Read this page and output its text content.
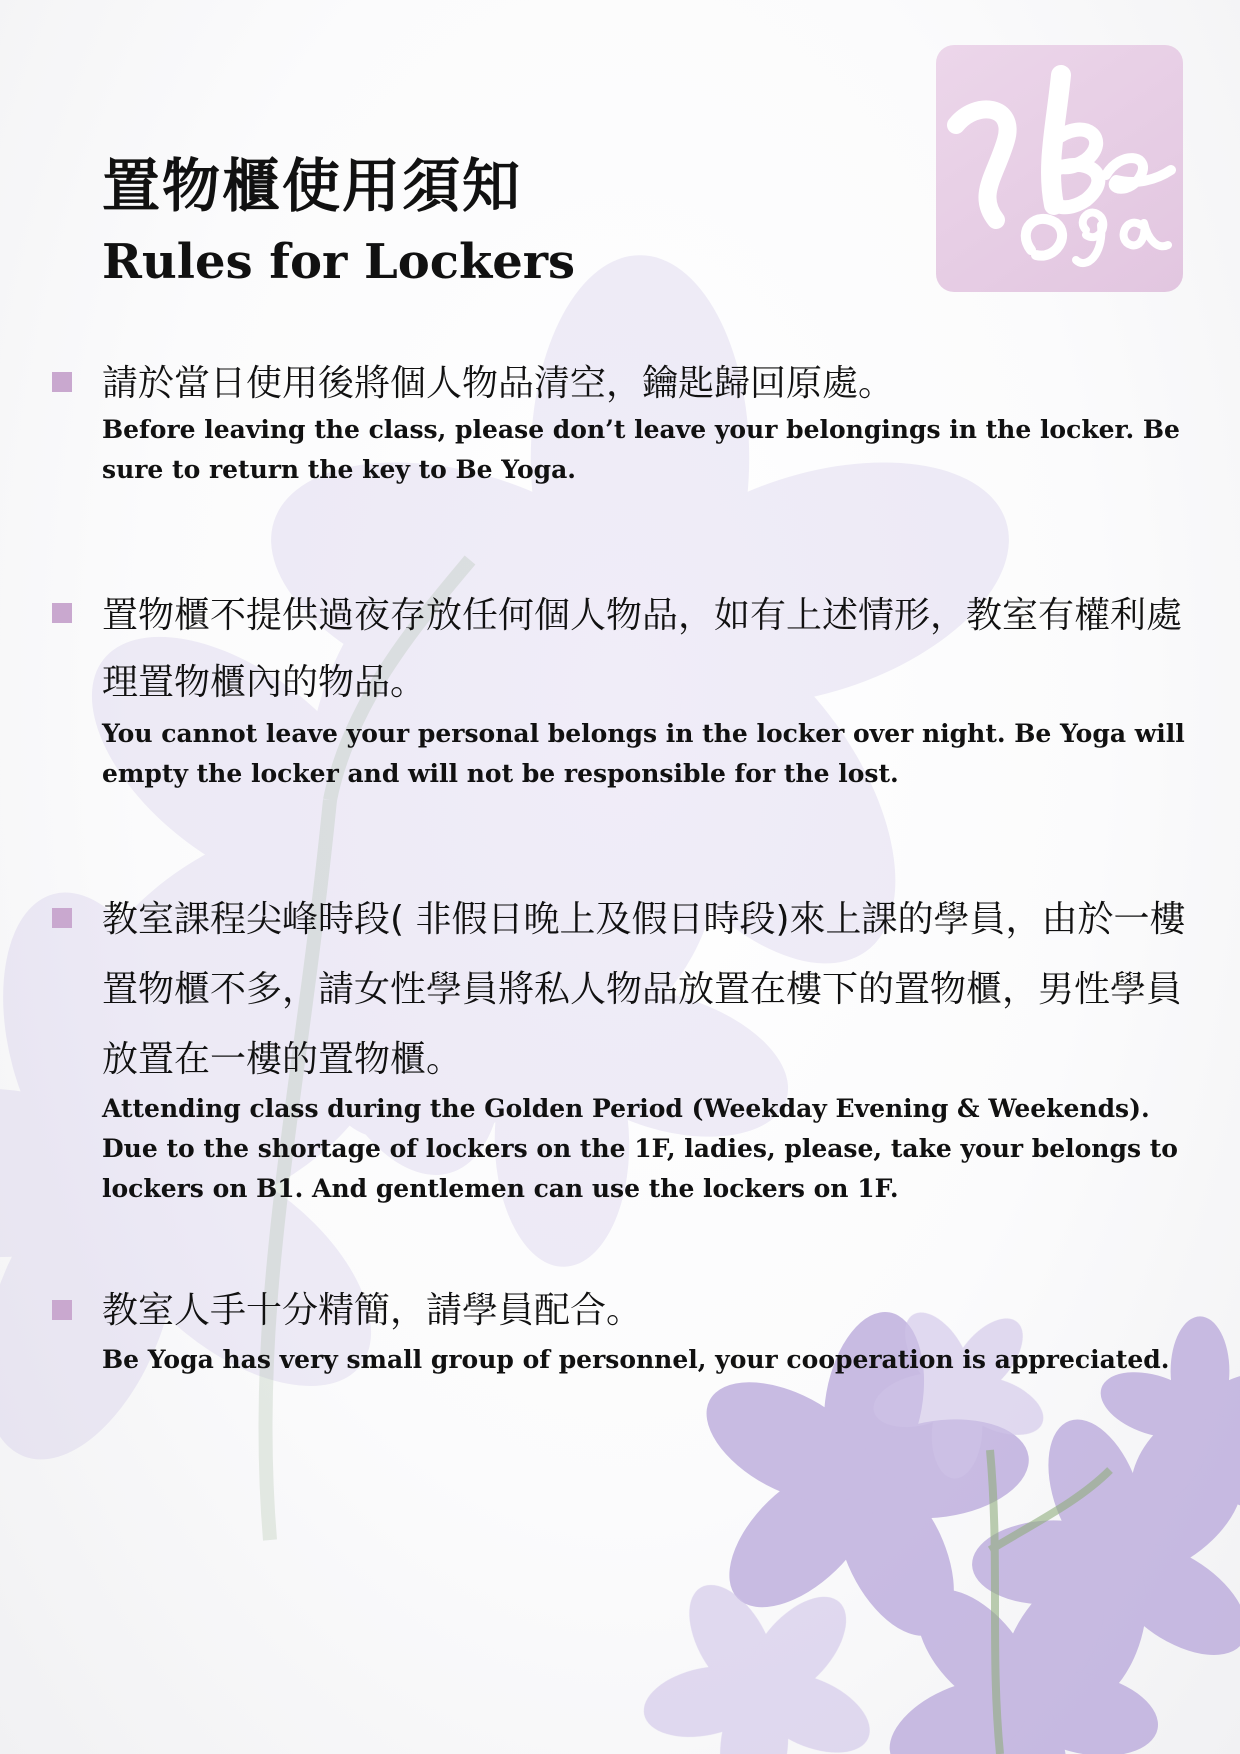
置物櫃使用須知
Rules for Lockers

請於當日使用後將個人物品清空，鑰匙歸回原處。

Before leaving the class, please don’t leave your belongings in the locker. Be sure to return the key to Be Yoga.

置物櫃不提供過夜存放任何個人物品，如有上述情形，教室有權利處理置物櫃內的物品。

You cannot leave your personal belongs in the locker over night. Be Yoga will empty the locker and will not be responsible for the lost.

教室課程尖峰時段( 非假日晚上及假日時段)來上課的學員，由於一樓置物櫃不多，請女性學員將私人物品放置在樓下的置物櫃，男性學員放置在一樓的置物櫃。

Attending class during the Golden Period (Weekday Evening & Weekends). Due to the shortage of lockers on the 1F, ladies, please, take your belongs to lockers on B1. And gentlemen can use the lockers on 1F.

教室人手十分精簡，請學員配合。

Be Yoga has very small group of personnel, your cooperation is appreciated.
